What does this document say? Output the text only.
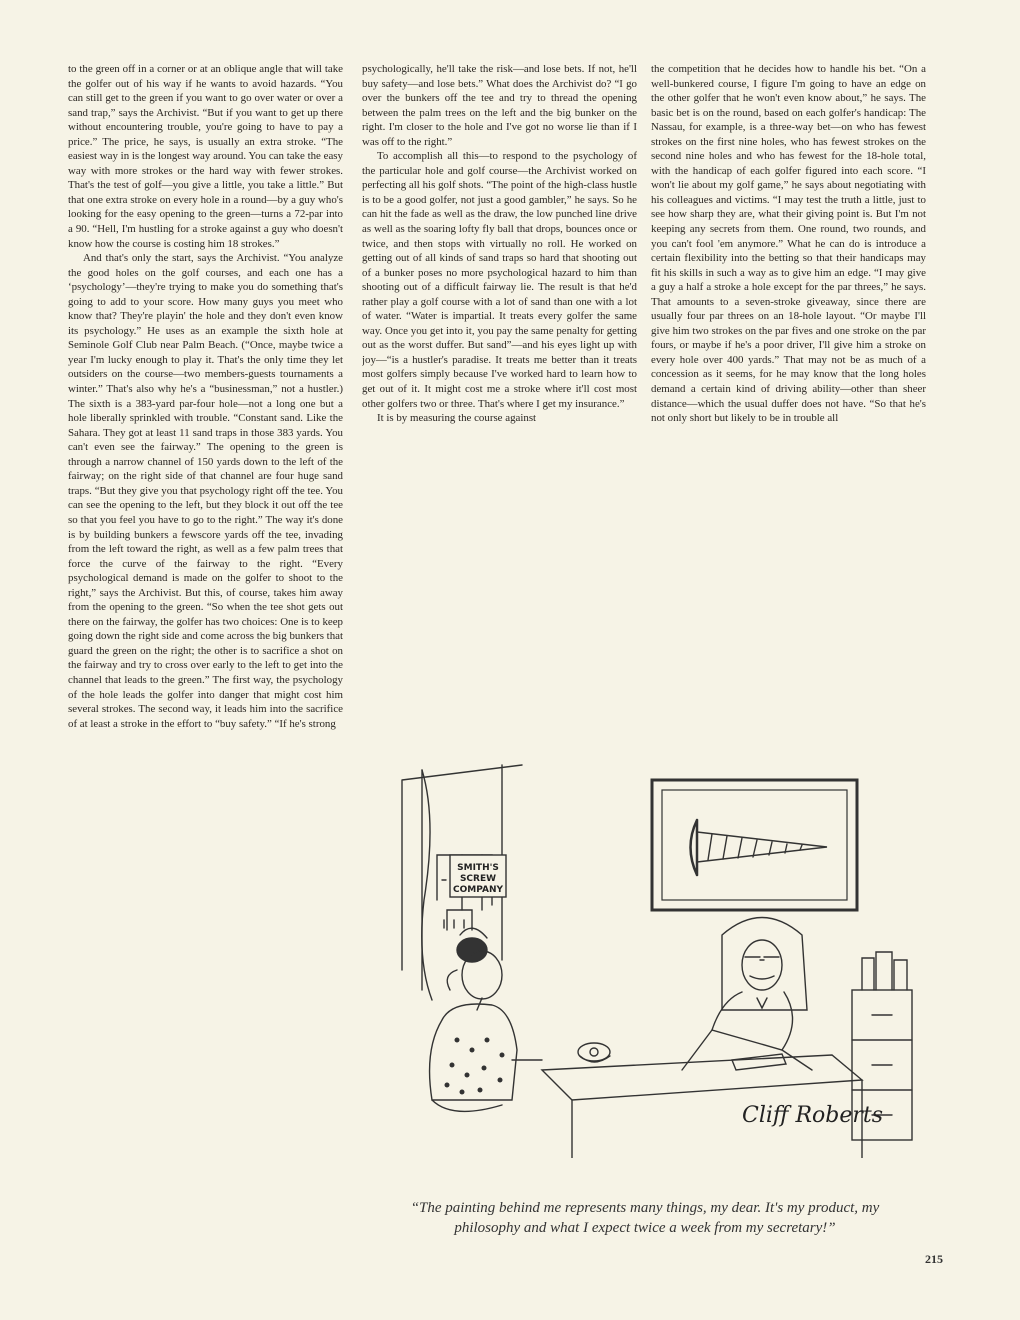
to the green off in a corner or at an oblique angle that will take the golfer out of his way if he wants to avoid hazards. “You can still get to the green if you want to go over water or over a sand trap,” says the Archivist. “But if you want to get up there without encountering trouble, you're going to have to pay a price.” The price, he says, is usually an extra stroke. “The easiest way in is the longest way around. You can take the easy way with more strokes or the hard way with fewer strokes. That's the test of golf—you give a little, you take a little.” But that one extra stroke on every hole in a round—by a guy who's looking for the easy opening to the green—turns a 72-par into a 90. “Hell, I'm hustling for a stroke against a guy who doesn't know how the course is costing him 18 strokes.”

And that's only the start, says the Archivist. “You analyze the good holes on the golf courses, and each one has a ‘psychology’—they're trying to make you do something that's going to add to your score. How many guys you meet who know that? They're playin' the hole and they don't even know its psychology.” He uses as an example the sixth hole at Seminole Golf Club near Palm Beach. (“Once, maybe twice a year I'm lucky enough to play it. That's the only time they let outsiders on the course—two members-guests tournaments a winter.” That's also why he's a “businessman,” not a hustler.) The sixth is a 383-yard par-four hole—not a long one but a hole liberally sprinkled with trouble. “Constant sand. Like the Sahara. They got at least 11 sand traps in those 383 yards. You can't even see the fairway.” The opening to the green is through a narrow channel of 150 yards down to the left of the fairway; on the right side of that channel are four huge sand traps. “But they give you that psychology right off the tee. You can see the opening to the left, but they block it out off the tee so that you feel you have to go to the right.” The way it's done is by building bunkers a fewscore yards off the tee, invading from the left toward the right, as well as a few palm trees that force the curve of the fairway to the right. “Every psychological demand is made on the golfer to shoot to the right,” says the Archivist. But this, of course, takes him away from the opening to the green. “So when the tee shot gets out there on the fairway, the golfer has two choices: One is to keep going down the right side and come across the big bunkers that guard the green on the right; the other is to sacrifice a shot on the fairway and try to cross over early to the left to get into the channel that leads to the green.” The first way, the psychology of the hole leads the golfer into danger that might cost him several strokes. The second way, it leads him into the sacrifice of at least a stroke in the effort to “buy safety.” “If he's strong

psychologically, he'll take the risk—and lose bets. If not, he'll buy safety—and lose bets.” What does the Archivist do? “I go over the bunkers off the tee and try to thread the opening between the palm trees on the left and the big bunker on the right. I'm closer to the hole and I've got no worse lie than if I was off to the right.”

To accomplish all this—to respond to the psychology of the particular hole and golf course—the Archivist worked on perfecting all his golf shots. “The point of the high-class hustle is to be a good golfer, not just a good gambler,” he says. So he can hit the fade as well as the draw, the low punched line drive as well as the soaring lofty fly ball that drops, bounces once or twice, and then stops with virtually no roll. He worked on getting out of all kinds of sand traps so hard that shooting out of a bunker poses no more psychological hazard to him than shooting out of a difficult fairway lie. The result is that he'd rather play a golf course with a lot of sand than one with a lot of water. “Water is impartial. It treats every golfer the same way. Once you get into it, you pay the same penalty for getting out as the worst duffer. But sand”—and his eyes light up with joy—“is a hustler's paradise. It treats me better than it treats most golfers simply because I've worked hard to learn how to get out of it. It might cost me a stroke where it'll cost most other golfers two or three. That's where I get my insurance.”

It is by measuring the course against

the competition that he decides how to handle his bet. “On a well-bunkered course, I figure I'm going to have an edge on the other golfer that he won't even know about,” he says. The basic bet is on the round, based on each golfer's handicap: The Nassau, for example, is a three-way bet—on who has fewest strokes on the first nine holes, who has fewest strokes on the second nine holes and who has fewest for the 18-hole total, with the handicap of each golfer figured into each score. “I won't lie about my golf game,” he says about negotiating with his colleagues and victims. “I may test the truth a little, just to see how sharp they are, what their giving point is. But I'm not keeping any secrets from them. One round, two rounds, and you can't fool 'em anymore.” What he can do is introduce a certain flexibility into the betting so that their handicaps may fit his skills in such a way as to give him an edge. “I may give a guy a half a stroke a hole except for the par threes,” he says. That amounts to a seven-stroke giveaway, since there are usually four par threes on an 18-hole layout. “Or maybe I'll give him two strokes on the par fives and one stroke on the par fours, or maybe if he's a poor driver, I'll give him a stroke on every hole over 400 yards.” That may not be as much of a concession as it seems, for he may know that the long holes demand a certain kind of driving ability—other than sheer distance—which the usual duffer does not have. “So that he's not only short but likely to be in trouble all

SMITH'S
SCREW
COMPANY
Cliff Roberts
“The painting behind me represents many things, my dear. It's my product, my philosophy and what I expect twice a week from my secretary!”
215
